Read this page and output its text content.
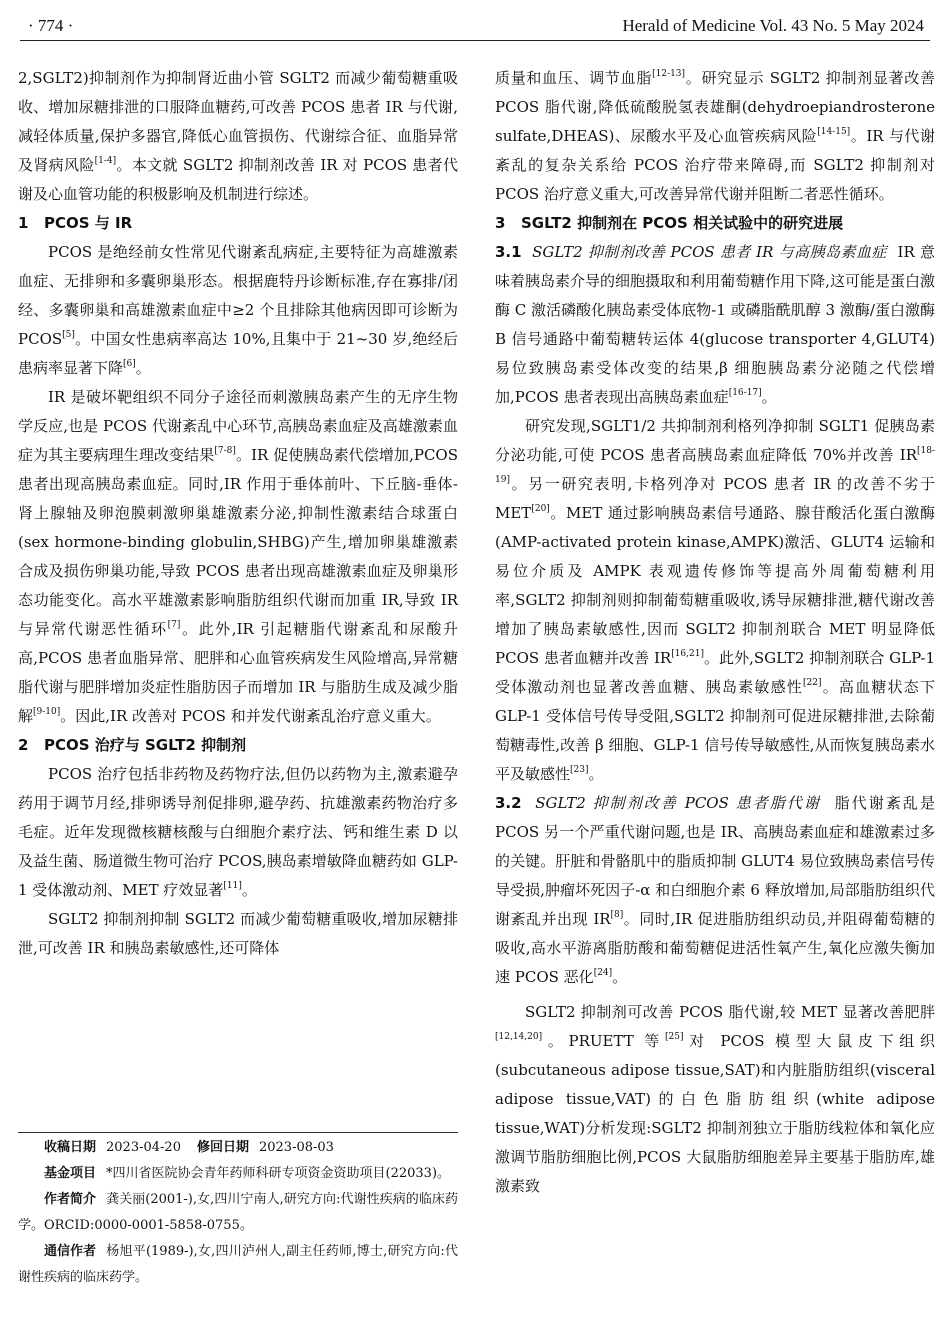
· 774 ·	Herald of Medicine Vol. 43 No. 5 May 2024

2,SGLT2)抑制剂作为抑制肾近曲小管 SGLT2 而减少葡萄糖重吸收、增加尿糖排泄的口服降血糖药,可改善 PCOS 患者 IR 与代谢,减轻体质量,保护多器官,降低心血管损伤、代谢综合征、血脂异常及肾病风险[1-4]。本文就 SGLT2 抑制剂改善 IR 对 PCOS 患者代谢及心血管功能的积极影响及机制进行综述。

1 PCOS 与 IR

PCOS 是绝经前女性常见代谢紊乱病症,主要特征为高雄激素血症、无排卵和多囊卵巢形态。根据鹿特丹诊断标准,存在寡排/闭经、多囊卵巢和高雄激素血症中≥2 个且排除其他病因即可诊断为 PCOS[5]。中国女性患病率高达 10%,且集中于 21~30 岁,绝经后患病率显著下降[6]。

IR 是破坏靶组织不同分子途径而刺激胰岛素产生的无序生物学反应,也是 PCOS 代谢紊乱中心环节,高胰岛素血症及高雄激素血症为其主要病理生理改变结果[7-8]。IR 促使胰岛素代偿增加,PCOS 患者出现高胰岛素血症。同时,IR 作用于垂体前叶、下丘脑-垂体-肾上腺轴及卵泡膜刺激卵巢雄激素分泌,抑制性激素结合球蛋白(sex hormone-binding globulin,SHBG)产生,增加卵巢雄激素合成及损伤卵巢功能,导致 PCOS 患者出现高雄激素血症及卵巢形态功能变化。高水平雄激素影响脂肪组织代谢而加重 IR,导致 IR 与异常代谢恶性循环[7]。此外,IR 引起糖脂代谢紊乱和尿酸升高,PCOS 患者血脂异常、肥胖和心血管疾病发生风险增高,异常糖脂代谢与肥胖增加炎症性脂肪因子而增加 IR 与脂肪生成及减少脂解[9-10]。因此,IR 改善对 PCOS 和并发代谢紊乱治疗意义重大。

2 PCOS 治疗与 SGLT2 抑制剂

PCOS 治疗包括非药物及药物疗法,但仍以药物为主,激素避孕药用于调节月经,排卵诱导剂促排卵,避孕药、抗雄激素药物治疗多毛症。近年发现微核糖核酸与白细胞介素疗法、钙和维生素 D 以及益生菌、肠道微生物可治疗 PCOS,胰岛素增敏降血糖药如 GLP-1 受体激动剂、MET 疗效显著[11]。

SGLT2 抑制剂抑制 SGLT2 而减少葡萄糖重吸收,增加尿糖排泄,可改善 IR 和胰岛素敏感性,还可降体

收稿日期 2023-04-20 修回日期 2023-08-03

基金项目 *四川省医院协会青年药师科研专项资金资助项目(22033)。

作者简介 龚关丽(2001-),女,四川宁南人,研究方向:代谢性疾病的临床药学。ORCID:0000-0001-5858-0755。

通信作者 杨旭平(1989-),女,四川泸州人,副主任药师,博士,研究方向:代谢性疾病的临床药学。

质量和血压、调节血脂[12-13]。研究显示 SGLT2 抑制剂显著改善 PCOS 脂代谢,降低硫酸脱氢表雄酮(dehydroepiandrosterone sulfate,DHEAS)、尿酸水平及心血管疾病风险[14-15]。IR 与代谢紊乱的复杂关系给 PCOS 治疗带来障碍,而 SGLT2 抑制剂对 PCOS 治疗意义重大,可改善异常代谢并阻断二者恶性循环。

3 SGLT2 抑制剂在 PCOS 相关试验中的研究进展

3.1 SGLT2 抑制剂改善 PCOS 患者 IR 与高胰岛素血症 IR 意味着胰岛素介导的细胞摄取和利用葡萄糖作用下降,这可能是蛋白激酶 C 激活磷酸化胰岛素受体底物-1 或磷脂酰肌醇 3 激酶/蛋白激酶 B 信号通路中葡萄糖转运体 4(glucose transporter 4,GLUT4)易位致胰岛素受体改变的结果,β 细胞胰岛素分泌随之代偿增加,PCOS 患者表现出高胰岛素血症[16-17]。

研究发现,SGLT1/2 共抑制剂利格列净抑制 SGLT1 促胰岛素分泌功能,可使 PCOS 患者高胰岛素血症降低 70%并改善 IR[18-19]。另一研究表明,卡格列净对 PCOS 患者 IR 的改善不劣于 MET[20]。MET 通过影响胰岛素信号通路、腺苷酸活化蛋白激酶(AMP-activated protein kinase,AMPK)激活、GLUT4 运输和易位介质及 AMPK 表观遗传修饰等提高外周葡萄糖利用率,SGLT2 抑制剂则抑制葡萄糖重吸收,诱导尿糖排泄,糖代谢改善增加了胰岛素敏感性,因而 SGLT2 抑制剂联合 MET 明显降低 PCOS 患者血糖并改善 IR[16,21]。此外,SGLT2 抑制剂联合 GLP-1 受体激动剂也显著改善血糖、胰岛素敏感性[22]。高血糖状态下 GLP-1 受体信号传导受阻,SGLT2 抑制剂可促进尿糖排泄,去除葡萄糖毒性,改善 β 细胞、GLP-1 信号传导敏感性,从而恢复胰岛素水平及敏感性[23]。

3.2 SGLT2 抑制剂改善 PCOS 患者脂代谢 脂代谢紊乱是 PCOS 另一个严重代谢问题,也是 IR、高胰岛素血症和雄激素过多的关键。肝脏和骨骼肌中的脂质抑制 GLUT4 易位致胰岛素信号传导受损,肿瘤坏死因子-α 和白细胞介素 6 释放增加,局部脂肪组织代谢紊乱并出现 IR[8]。同时,IR 促进脂肪组织动员,并阻碍葡萄糖的吸收,高水平游离脂肪酸和葡萄糖促进活性氧产生,氧化应激失衡加速 PCOS 恶化[24]。

SGLT2 抑制剂可改善 PCOS 脂代谢,较 MET 显著改善肥胖[12,14,20]。PRUETT 等[25]对 PCOS 模型大鼠皮下组织(subcutaneous adipose tissue,SAT)和内脏脂肪组织(visceral adipose tissue,VAT)的白色脂肪组织(white adipose tissue,WAT)分析发现:SGLT2 抑制剂独立于脂肪线粒体和氧化应激调节脂肪细胞比例,PCOS 大鼠脂肪细胞差异主要基于脂肪库,雄激素致
